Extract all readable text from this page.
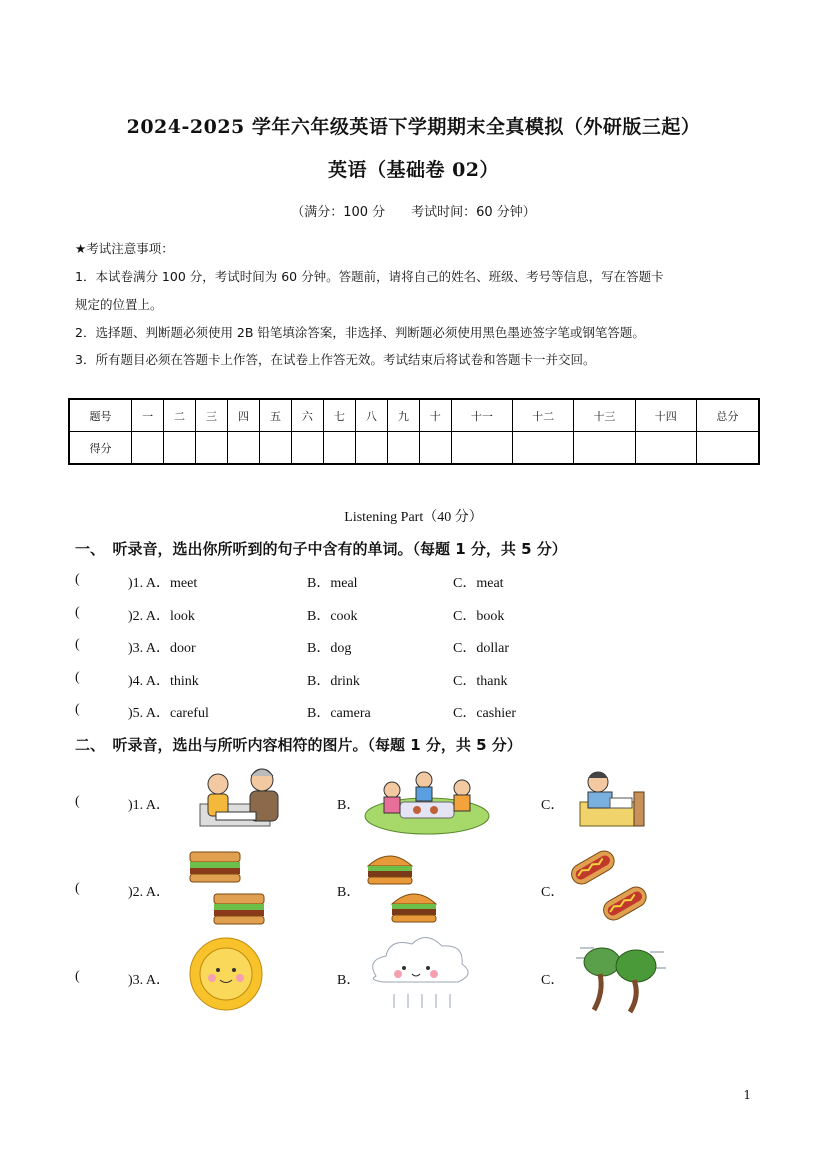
2024-2025 学年六年级英语下学期期末全真模拟（外研版三起）
英语（基础卷 02）
（满分：100 分　　考试时间：60 分钟）
★考试注意事项：
1．本试卷满分 100 分，考试时间为 60 分钟。答题前，请将自己的姓名、班级、考号等信息，写在答题卡
规定的位置上。
2．选择题、判断题必须使用 2B 铅笔填涂答案，非选择、判断题必须使用黑色墨迹签字笔或钢笔答题。
3．所有题目必须在答题卡上作答，在试卷上作答无效。考试结束后将试卷和答题卡一并交回。
题号	一	二	三	四	五	六	七	八	九	十	十一	十二	十三	十四	总分
得分															
Listening Part（40 分）
一、　听录音，选出你所听到的句子中含有的单词。（每题 1 分，共 5 分）
(	)1. A．meet	B．meal	C．meat
(	)2. A．look	B．cook	C．book
(	)3. A．door	B．dog	C．dollar
(	)4. A．think	B．drink	C．thank
(	)5. A．careful	B．camera	C．cashier
二、　听录音，选出与所听内容相符的图片。（每题 1 分，共 5 分）
(	)1. A．	B．	C．
(	)2. A．	B．	C．
(	)3. A．	B．	C．
1
